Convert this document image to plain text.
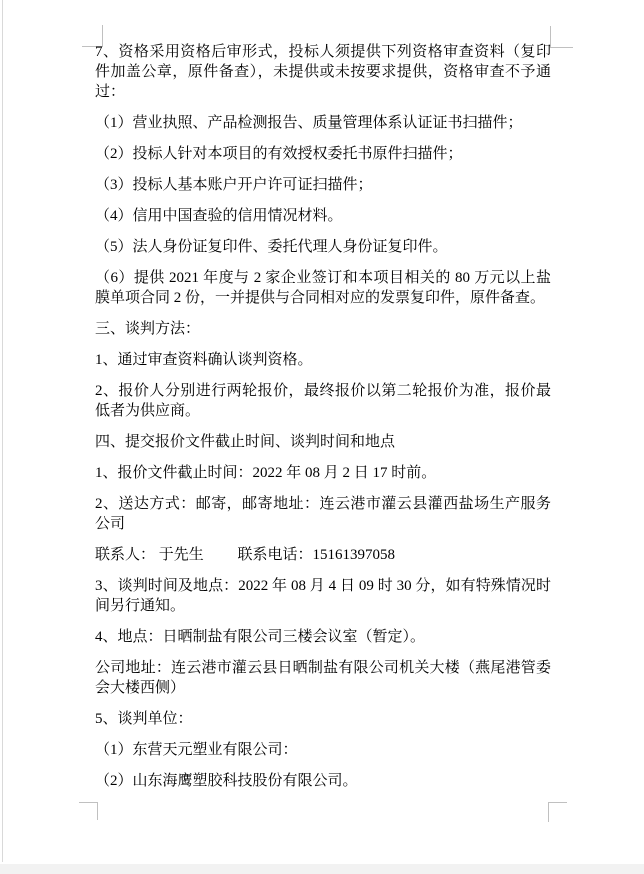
7、资格采用资格后审形式，投标人须提供下列资格审查资料（复印件加盖公章，原件备查），未提供或未按要求提供，资格审查不予通过：

（1）营业执照、产品检测报告、质量管理体系认证证书扫描件；

（2）投标人针对本项目的有效授权委托书原件扫描件；

（3）投标人基本账户开户许可证扫描件；

（4）信用中国查验的信用情况材料。

（5）法人身份证复印件、委托代理人身份证复印件。

（6）提供 2021 年度与 2 家企业签订和本项目相关的 80 万元以上盐膜单项合同 2 份，一并提供与合同相对应的发票复印件，原件备查。

三、谈判方法：

1、通过审查资料确认谈判资格。

2、报价人分别进行两轮报价，最终报价以第二轮报价为准，报价最低者为供应商。

四、提交报价文件截止时间、谈判时间和地点

1、报价文件截止时间：2022 年 08 月 2 日 17 时前。

2、送达方式：邮寄，邮寄地址：连云港市灌云县灌西盐场生产服务公司

联系人： 于先生　　 联系电话：15161397058

3、谈判时间及地点：2022 年 08 月 4 日 09 时 30 分，如有特殊情况时间另行通知。

4、地点：日晒制盐有限公司三楼会议室（暂定）。

公司地址：连云港市灌云县日晒制盐有限公司机关大楼（燕尾港管委会大楼西侧）

5、谈判单位：

（1）东营天元塑业有限公司：

（2）山东海鹰塑胶科技股份有限公司。
